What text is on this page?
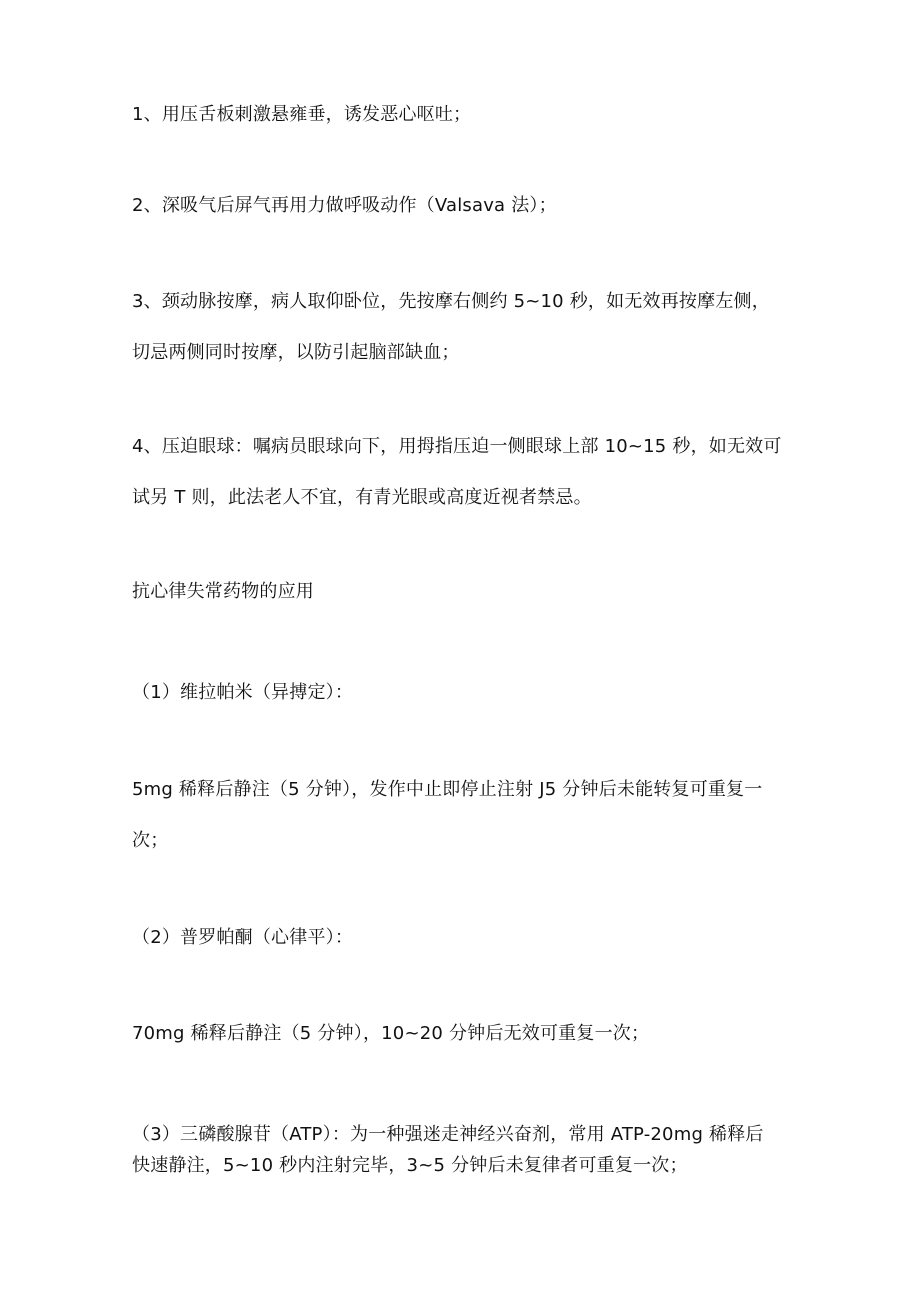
1、用压舌板刺激悬雍垂，诱发恶心呕吐；
2、深吸气后屏气再用力做呼吸动作（Valsava 法）；
3、颈动脉按摩，病人取仰卧位，先按摩右侧约 5~10 秒，如无效再按摩左侧，
切忌两侧同时按摩，以防引起脑部缺血；
4、压迫眼球：嘱病员眼球向下，用拇指压迫一侧眼球上部 10~15 秒，如无效可
试另 T 则，此法老人不宜，有青光眼或高度近视者禁忌。
抗心律失常药物的应用
（1）维拉帕米（异搏定）：
5mg 稀释后静注（5 分钟），发作中止即停止注射 J5 分钟后未能转复可重复一
次；
（2）普罗帕酮（心律平）：
70mg 稀释后静注（5 分钟），10~20 分钟后无效可重复一次；
（3）三磷酸腺苷（ATP）：为一种强迷走神经兴奋剂，常用 ATP-20mg 稀释后
快速静注，5~10 秒内注射完毕，3~5 分钟后未复律者可重复一次；
